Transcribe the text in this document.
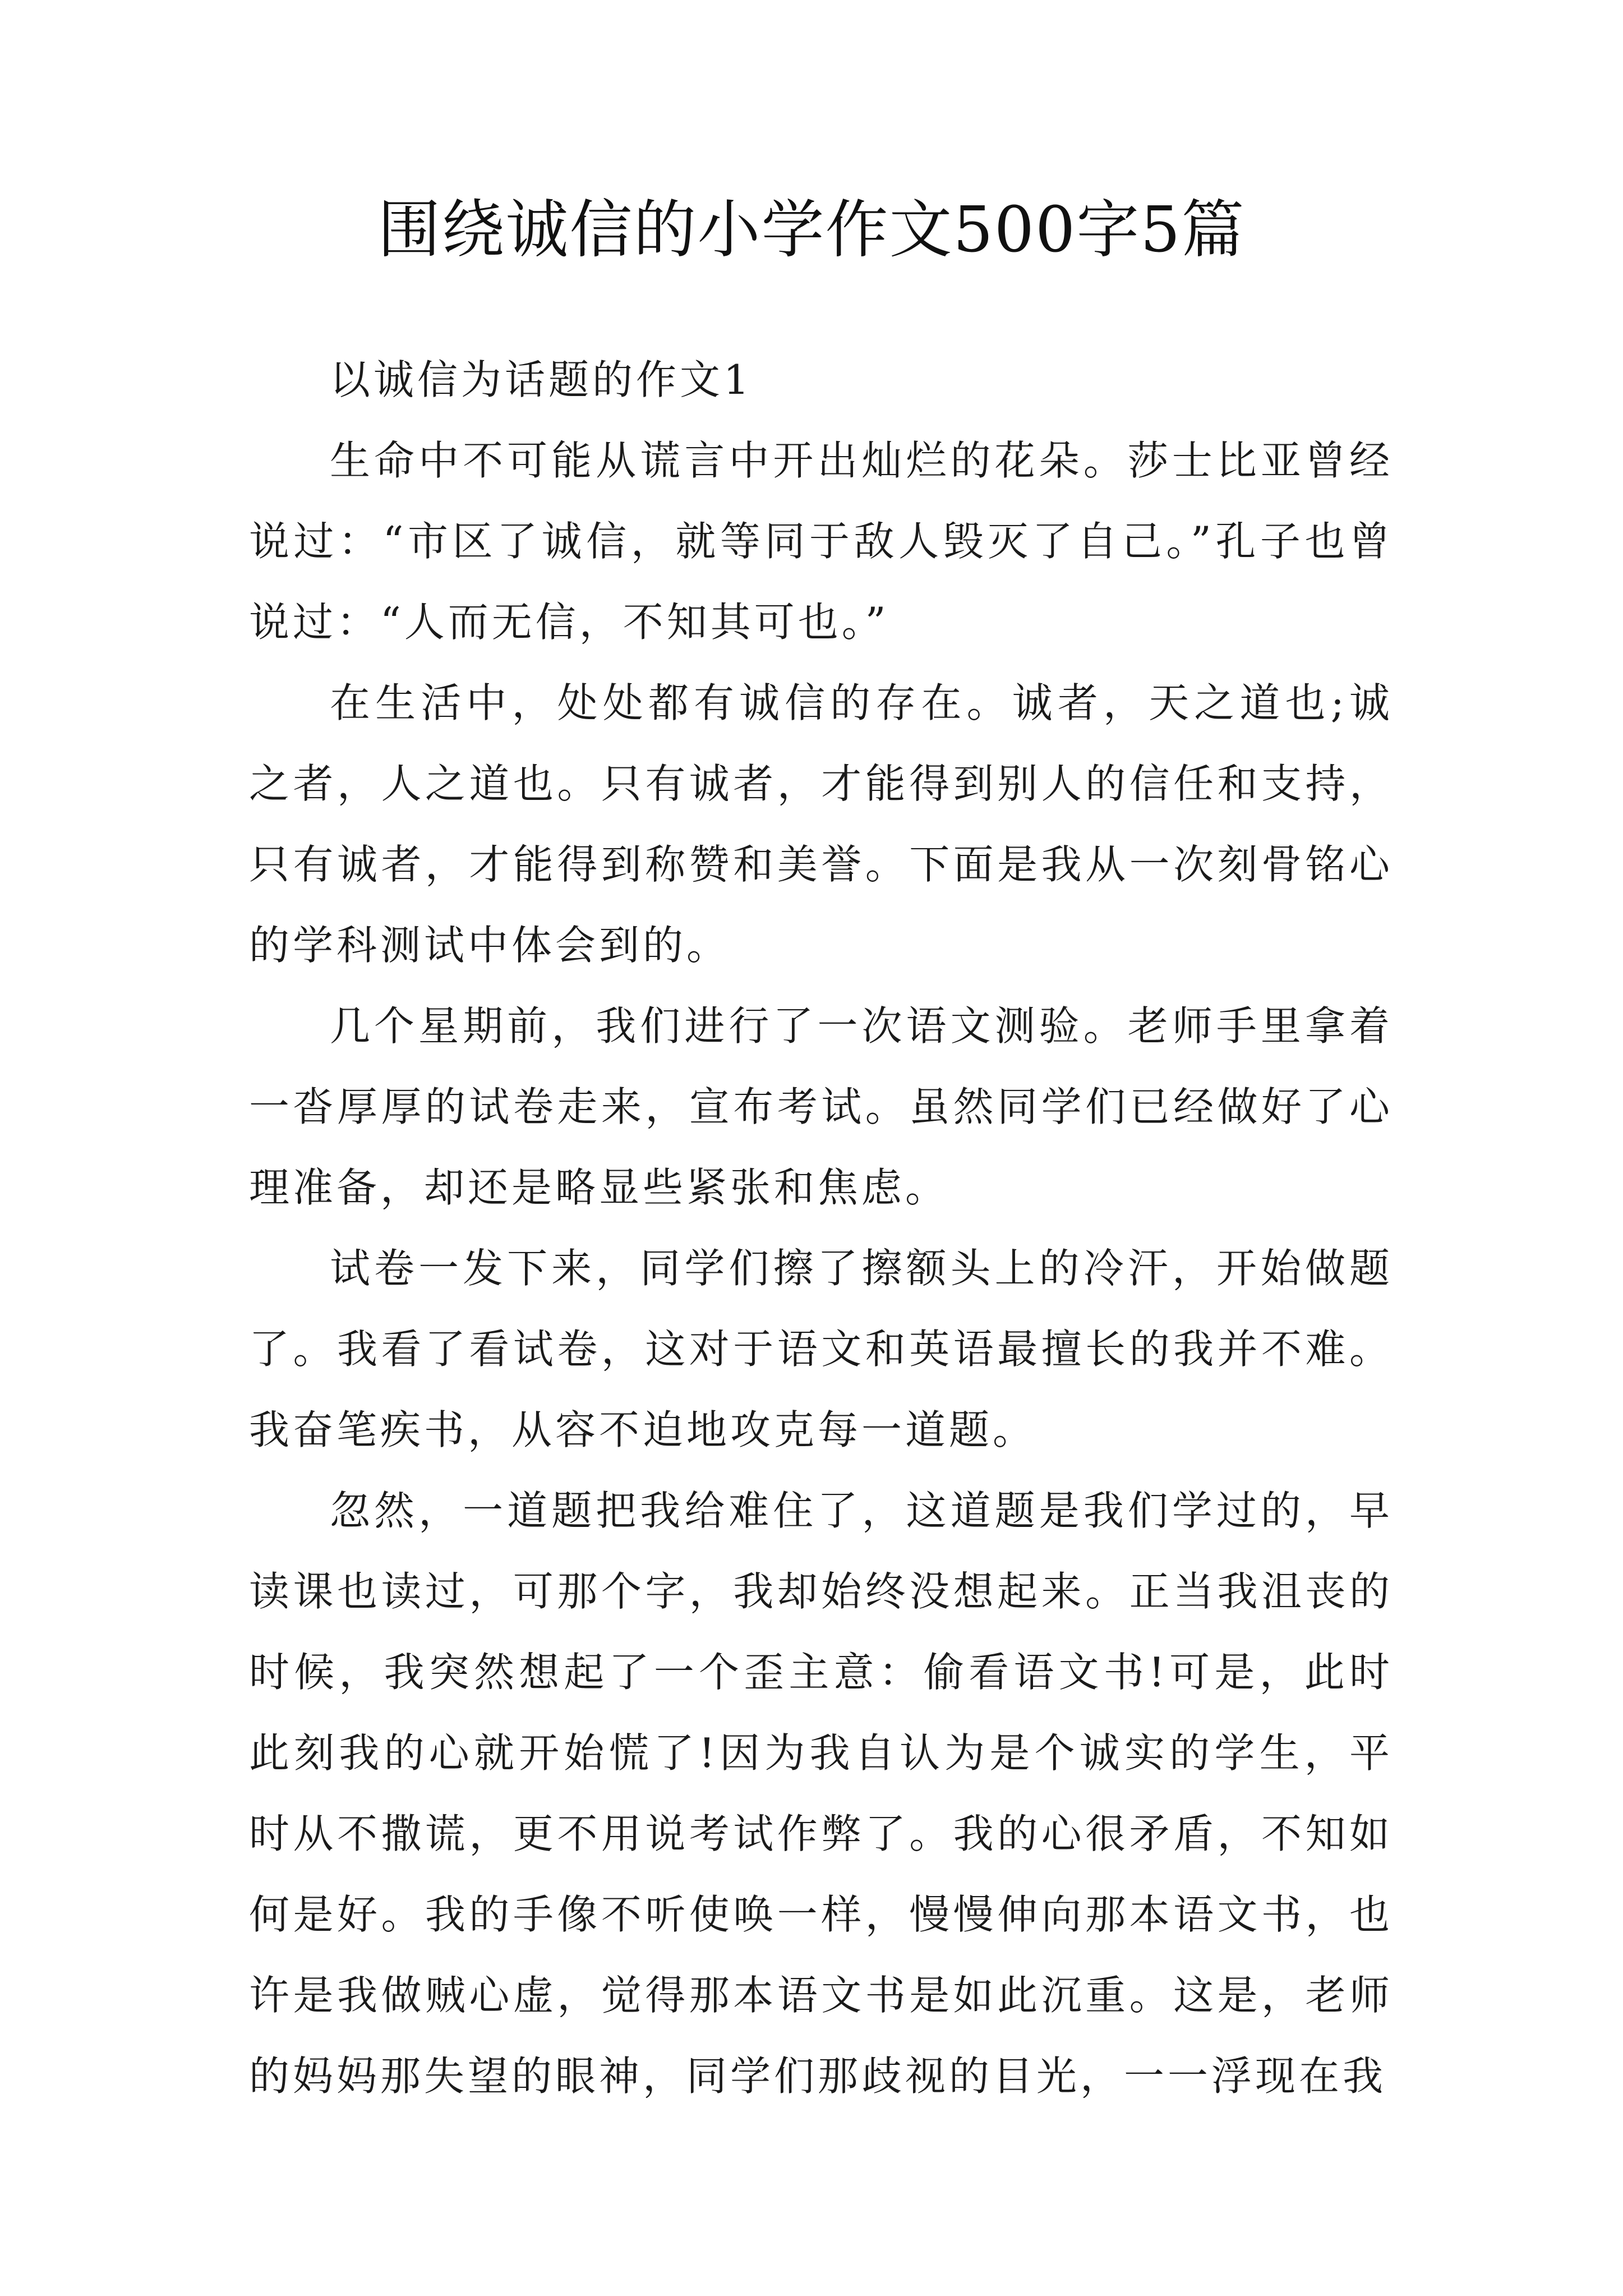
围绕诚信的小学作文500字5篇

以诚信为话题的作文1

生命中不可能从谎言中开出灿烂的花朵。莎士比亚曾经说过：“市区了诚信，就等同于敌人毁灭了自己。”孔子也曾说过：“人而无信，不知其可也。”

在生活中，处处都有诚信的存在。诚者，天之道也;诚之者，人之道也。只有诚者，才能得到别人的信任和支持，只有诚者，才能得到称赞和美誉。下面是我从一次刻骨铭心的学科测试中体会到的。

几个星期前，我们进行了一次语文测验。老师手里拿着一沓厚厚的试卷走来，宣布考试。虽然同学们已经做好了心理准备，却还是略显些紧张和焦虑。

试卷一发下来，同学们擦了擦额头上的冷汗，开始做题了。我看了看试卷，这对于语文和英语最擅长的我并不难。我奋笔疾书，从容不迫地攻克每一道题。

忽然，一道题把我给难住了，这道题是我们学过的，早读课也读过，可那个字，我却始终没想起来。正当我沮丧的时候，我突然想起了一个歪主意：偷看语文书!可是，此时此刻我的心就开始慌了!因为我自认为是个诚实的学生，平时从不撒谎，更不用说考试作弊了。我的心很矛盾，不知如何是好。我的手像不听使唤一样，慢慢伸向那本语文书，也许是我做贼心虚，觉得那本语文书是如此沉重。这是，老师的妈妈那失望的眼神，同学们那歧视的目光，一一浮现在我
